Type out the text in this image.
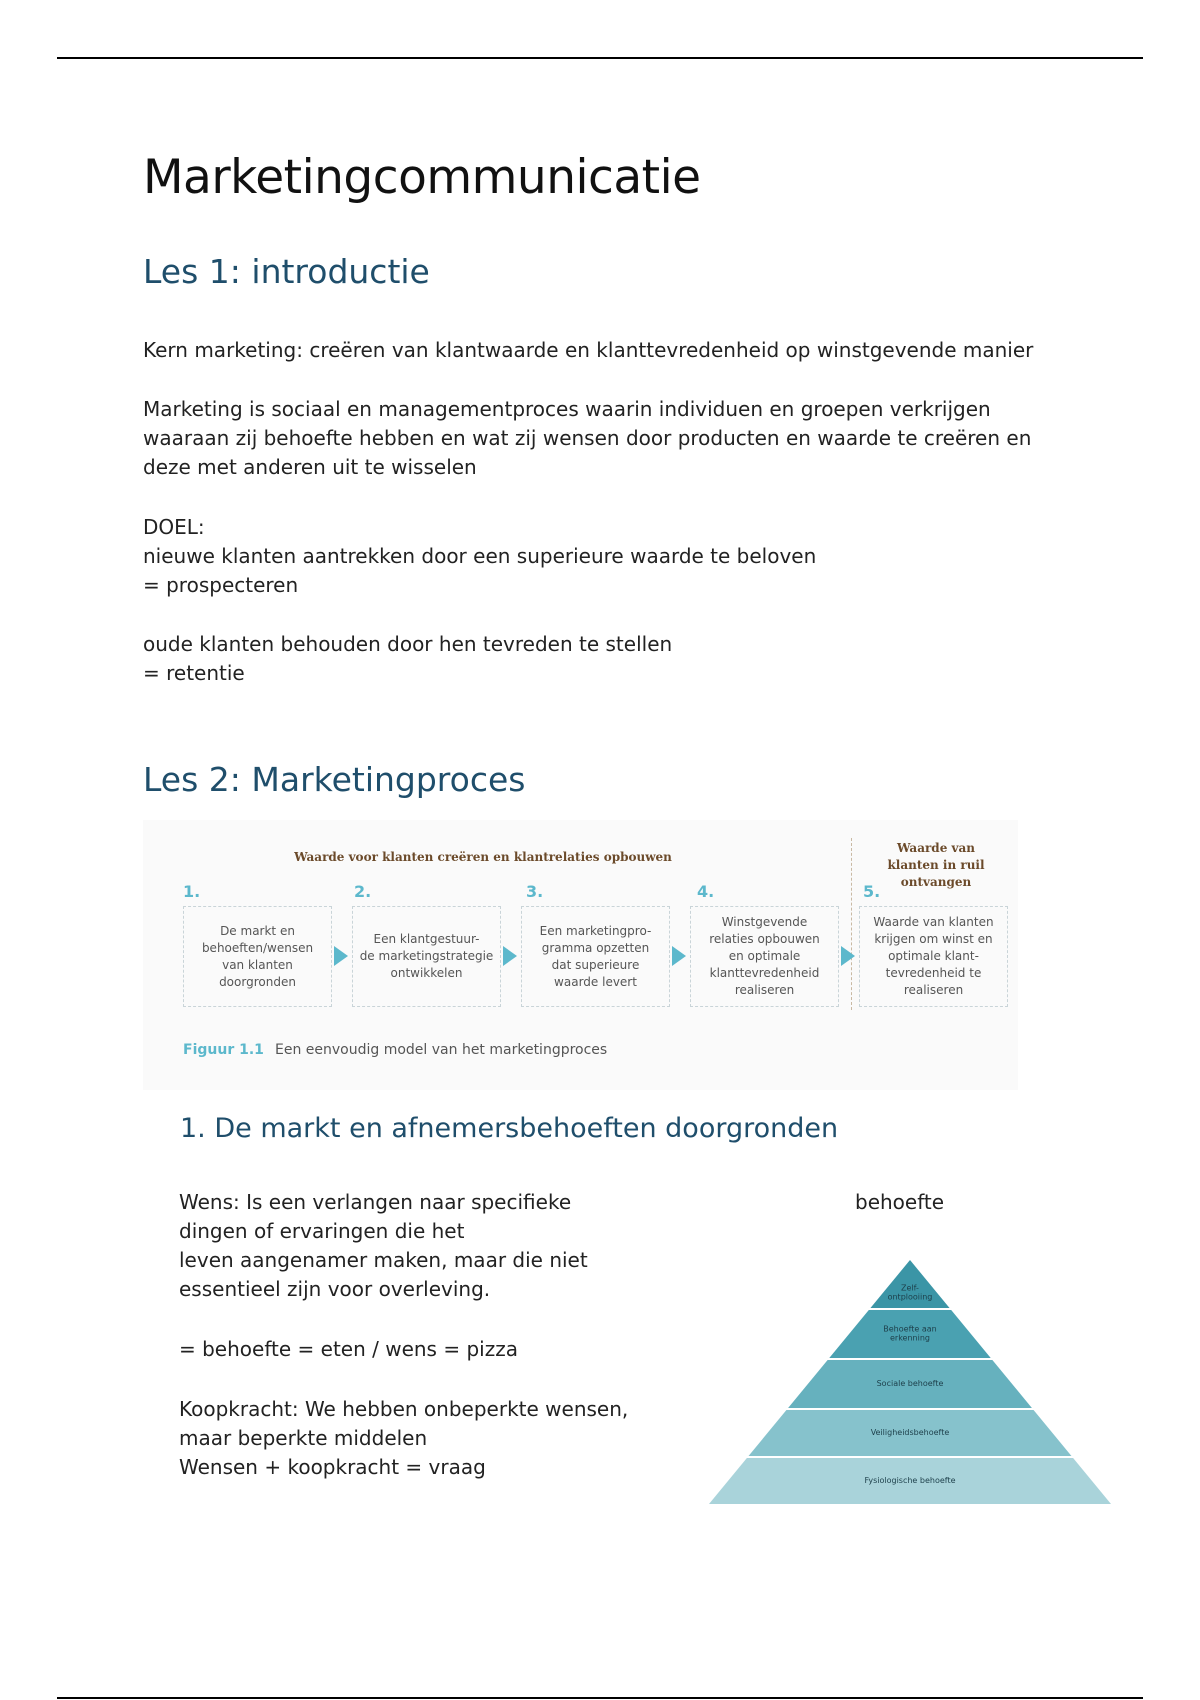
Marketingcommunicatie
Les 1: introductie
Kern marketing: creëren van klantwaarde en klanttevredenheid op winstgevende manier
Marketing is sociaal en managementproces waarin individuen en groepen verkrijgen
waaraan zij behoefte hebben en wat zij wensen door producten en waarde te creëren en
deze met anderen uit te wisselen
DOEL:
nieuwe klanten aantrekken door een superieure waarde te beloven
= prospecteren
oude klanten behouden door hen tevreden te stellen
= retentie
Les 2: Marketingproces
Waarde voor klanten creëren en klantrelaties opbouwen
Waarde van
klanten in ruil
ontvangen
1.	2.	3.	4.	5.
De markt en
behoeften/wensen
van klanten
doorgronden
Een klantgestuur-
de marketingstrategie
ontwikkelen
Een marketingpro-
gramma opzetten
dat superieure
waarde levert
Winstgevende
relaties opbouwen
en optimale
klanttevredenheid
realiseren
Waarde van klanten
krijgen om winst en
optimale klant-
tevredenheid te
realiseren
Figuur 1.1 Een eenvoudig model van het marketingproces
1. De markt en afnemersbehoeften doorgronden
Wens: Is een verlangen naar specifieke
dingen of ervaringen die het
leven aangenamer maken, maar die niet
essentieel zijn voor overleving.
= behoefte = eten / wens = pizza
Koopkracht: We hebben onbeperkte wensen,
maar beperkte middelen
Wensen + koopkracht = vraag
behoefte
Zelf-ontplooiing
Behoefte aan erkenning
Sociale behoefte
Veiligheidsbehoefte
Fysiologische behoefte
